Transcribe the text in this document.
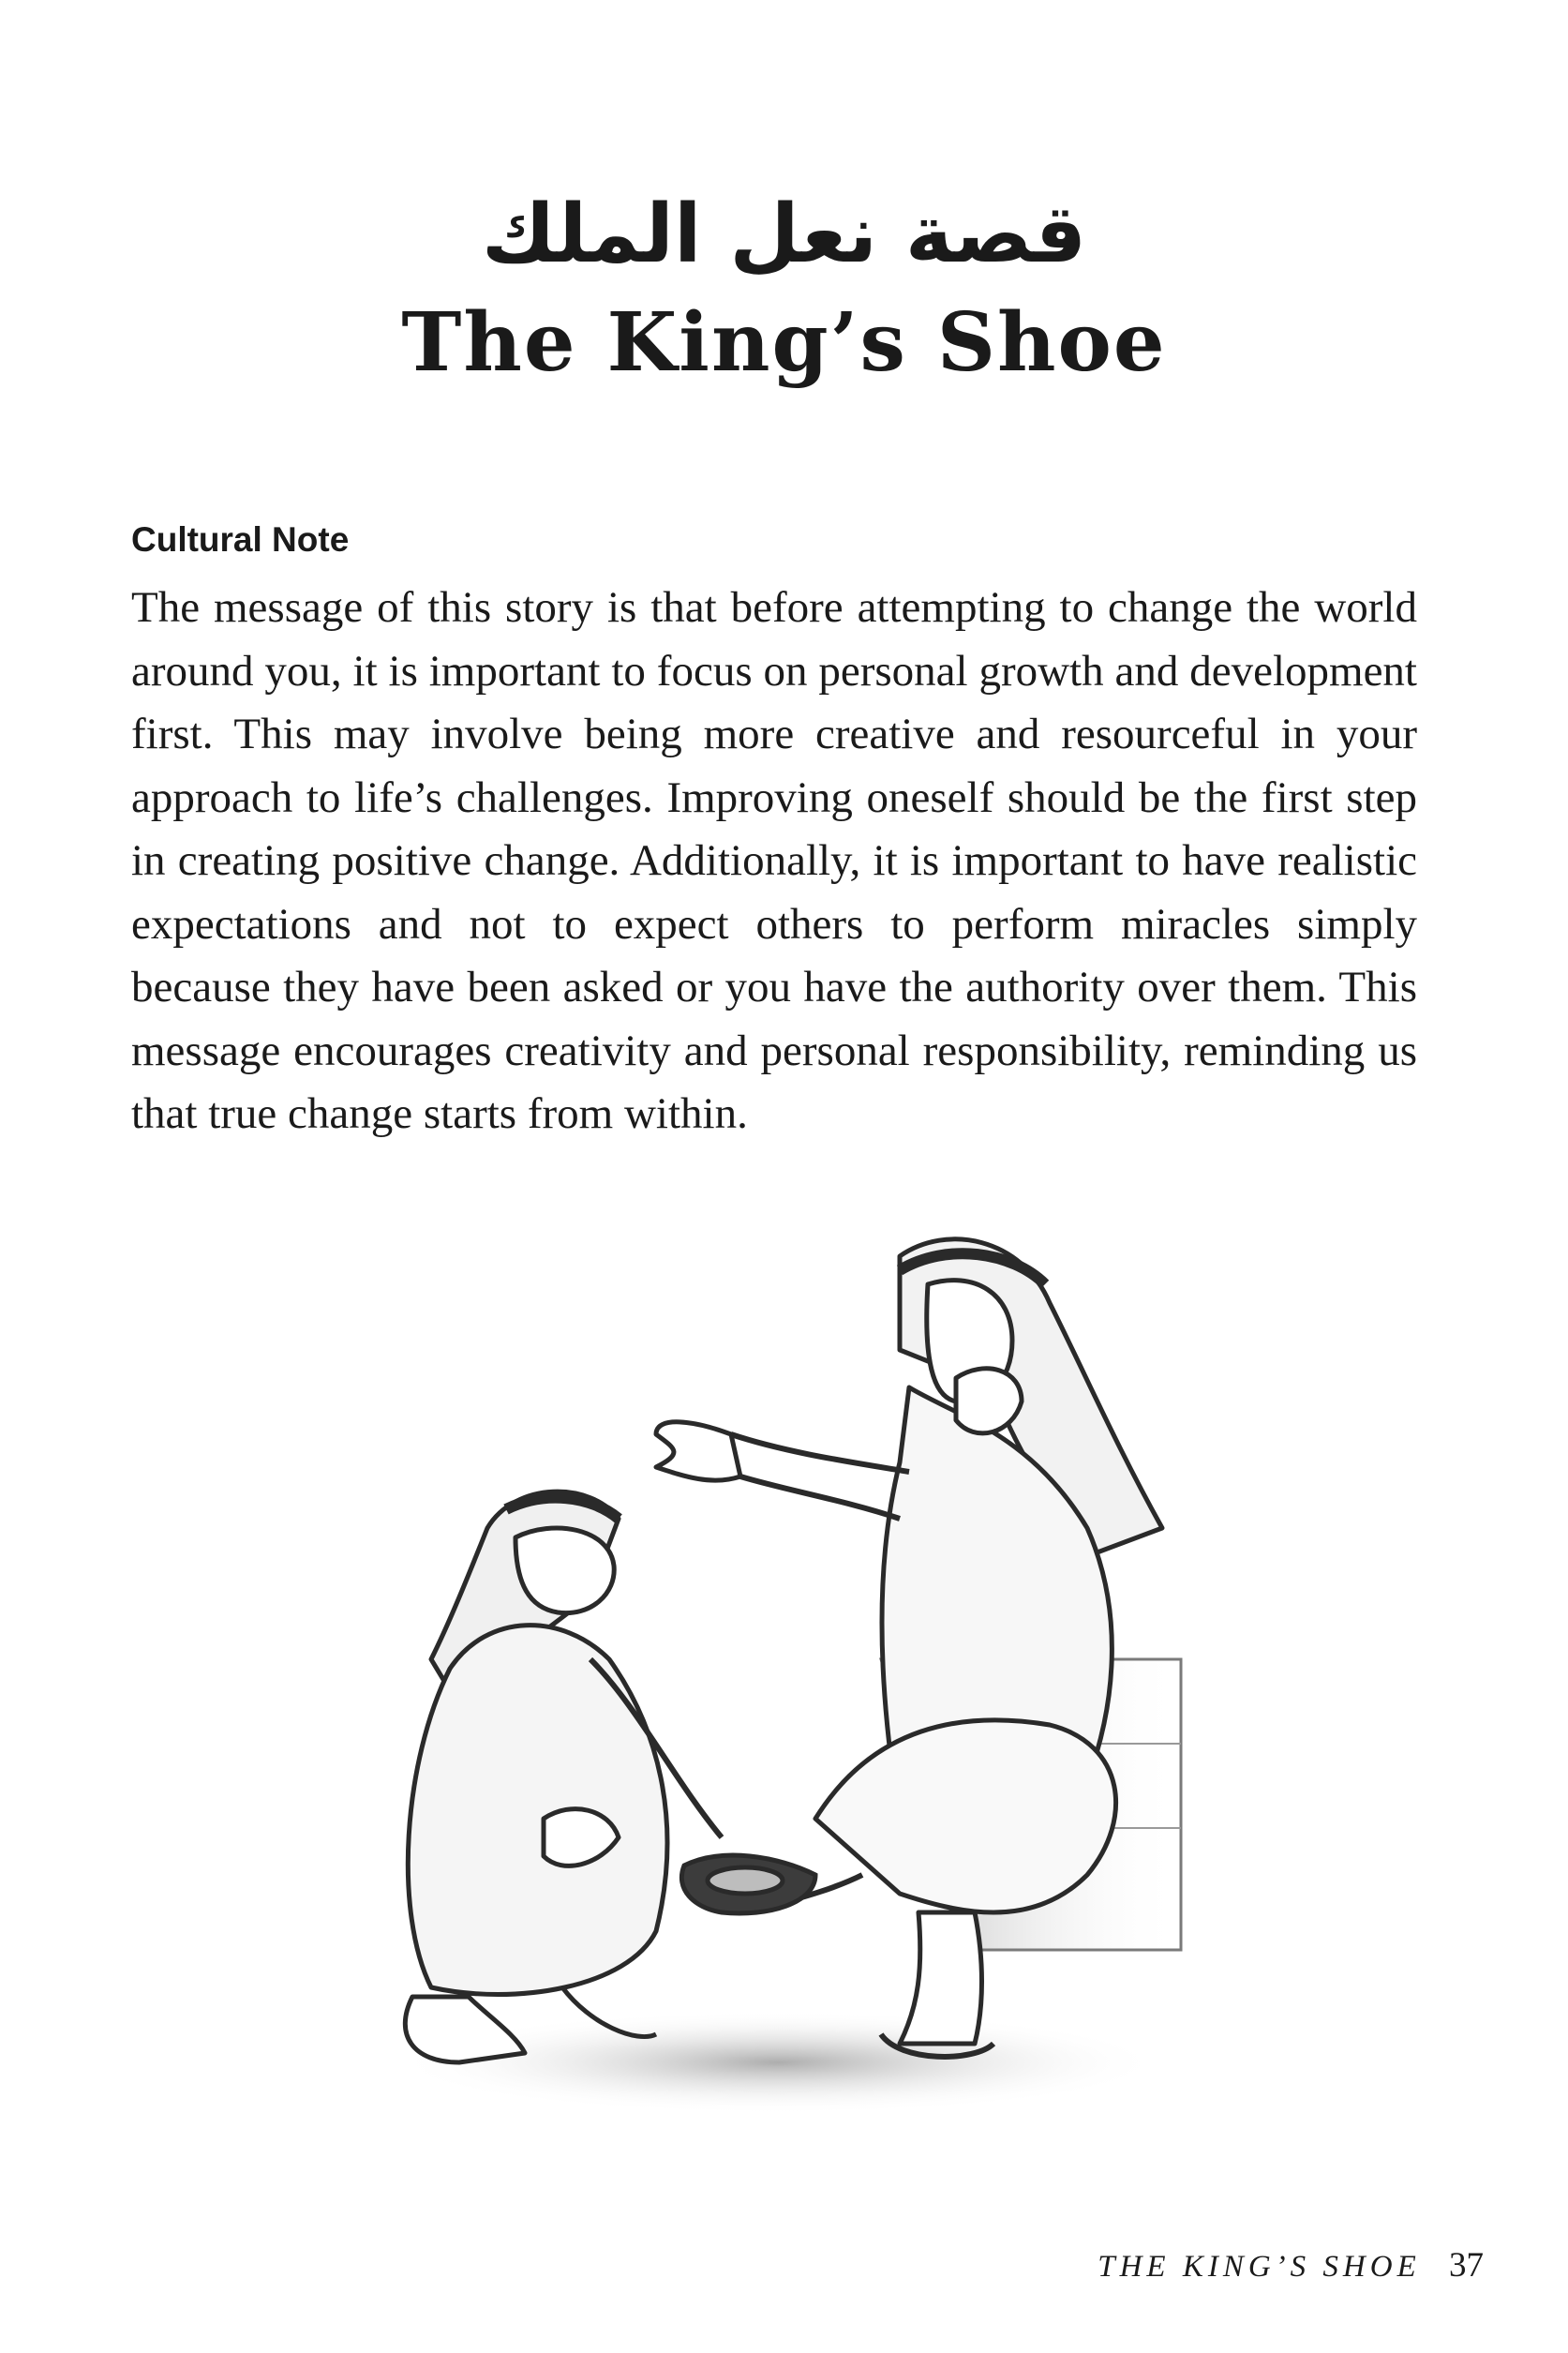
قصة نعل الملك
The King’s Shoe
Cultural Note
The message of this story is that before attempting to change the world around you, it is important to focus on personal growth and development first. This may involve being more creative and resourceful in your approach to life’s challenges. Improving oneself should be the first step in creating positive change. Additionally, it is important to have realistic expectations and not to expect others to perform miracles simply because they have been asked or you have the authority over them. This message encourages creativity and personal responsibility, reminding us that true change starts from within.
THE KING’S SHOE 37
